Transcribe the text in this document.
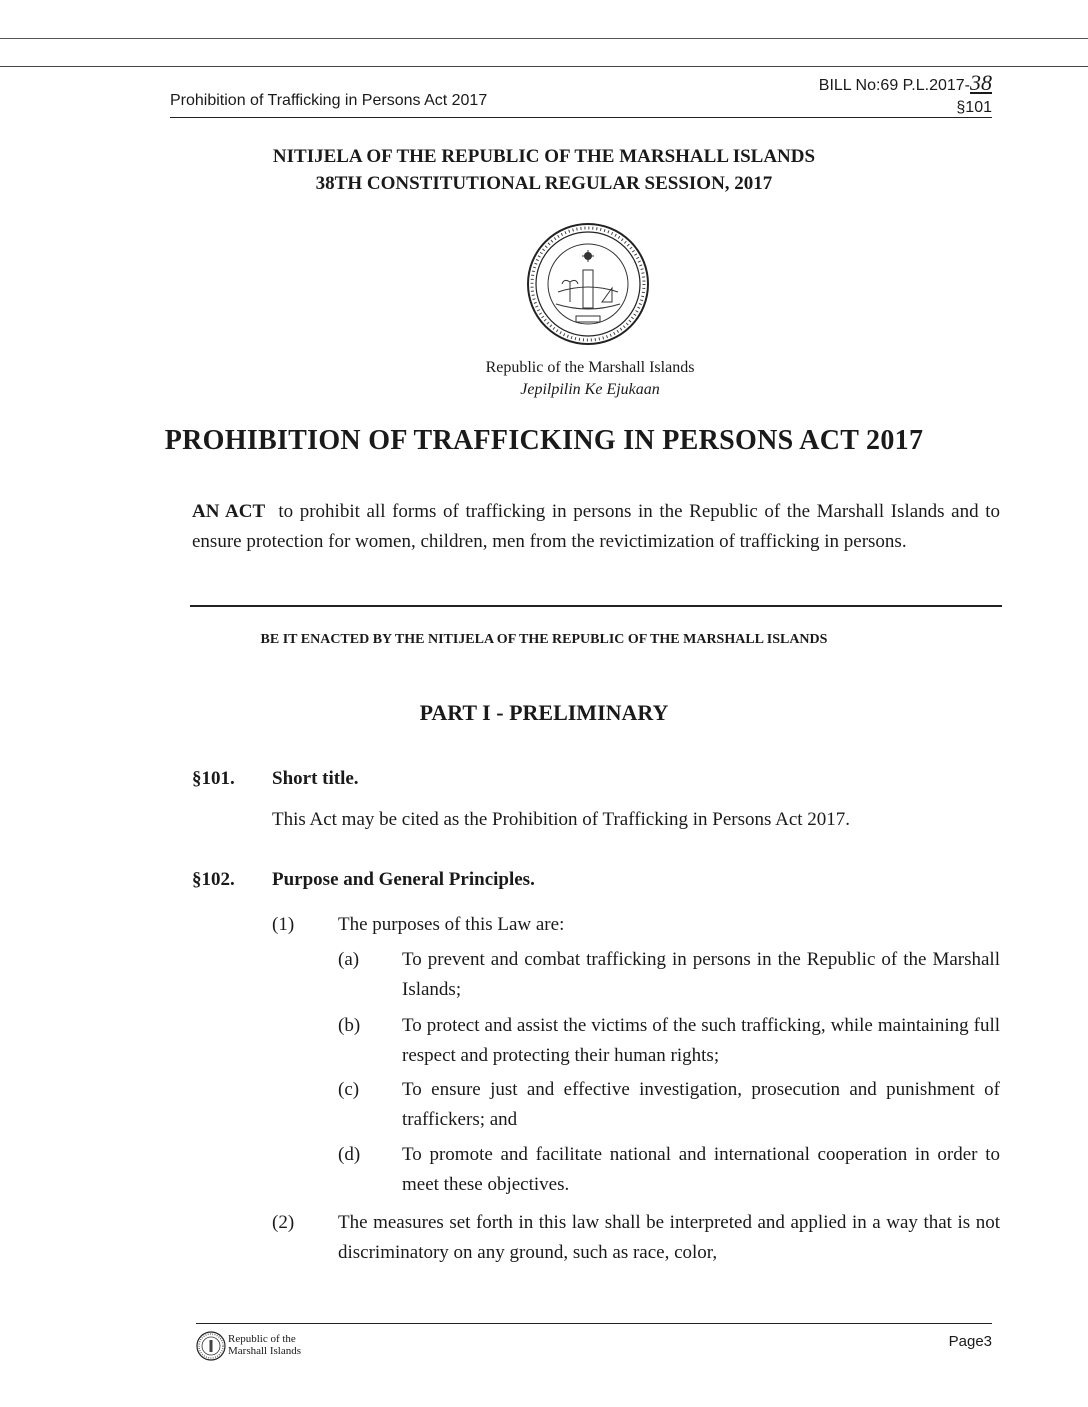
BILL No:69 P.L.2017-38
§101
Prohibition of Trafficking in Persons Act 2017
NITIJELA OF THE REPUBLIC OF THE MARSHALL ISLANDS
38TH CONSTITUTIONAL REGULAR SESSION, 2017
Republic of the Marshall Islands
Jepilpilin Ke Ejukaan
PROHIBITION OF TRAFFICKING IN PERSONS ACT 2017
AN ACT to prohibit all forms of trafficking in persons in the Republic of the Marshall Islands and to ensure protection for women, children, men from the revictimization of trafficking in persons.
BE IT ENACTED BY THE NITIJELA OF THE REPUBLIC OF THE MARSHALL ISLANDS
PART I - PRELIMINARY
§101. Short title.
This Act may be cited as the Prohibition of Trafficking in Persons Act 2017.
§102. Purpose and General Principles.
(1) The purposes of this Law are:
(a) To prevent and combat trafficking in persons in the Republic of the Marshall Islands;
(b) To protect and assist the victims of the such trafficking, while maintaining full respect and protecting their human rights;
(c) To ensure just and effective investigation, prosecution and punishment of traffickers; and
(d) To promote and facilitate national and international cooperation in order to meet these objectives.
(2) The measures set forth in this law shall be interpreted and applied in a way that is not discriminatory on any ground, such as race, color,
Republic of the
Marshall Islands
Page3
